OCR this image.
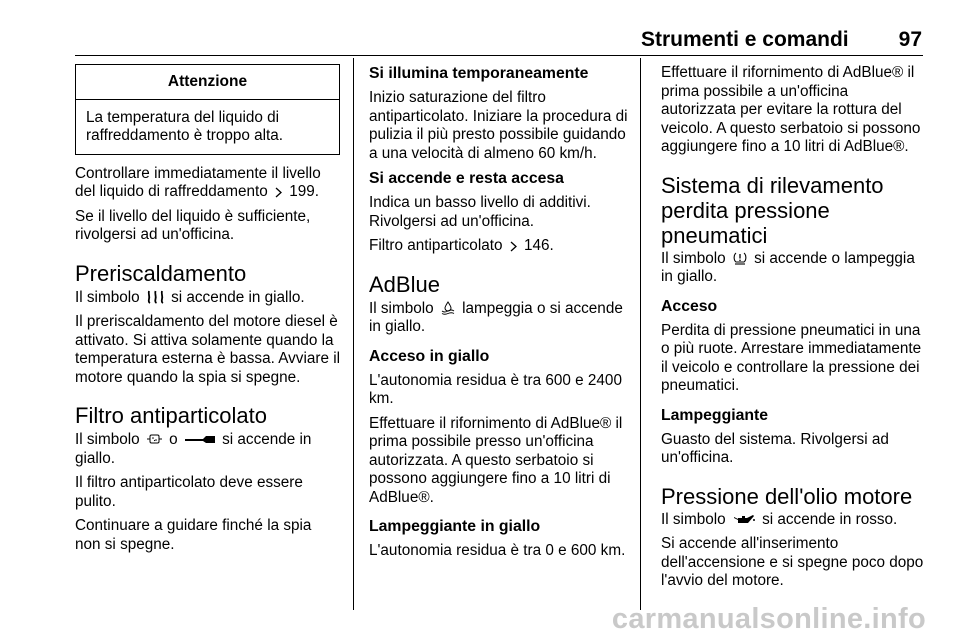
Strumenti e comandi 97
Attenzione
La temperatura del liquido di raffreddamento è troppo alta.

Controllare immediatamente il livello del liquido di raffreddamento
199.

Se il livello del liquido è sufficiente, rivolgersi ad un'officina.

Preriscaldamento

Il simbolo
si accende in giallo.

Il preriscaldamento del motore diesel è attivato. Si attiva solamente quando la temperatura esterna è bassa. Avviare il motore quando la spia si spegne.

Filtro antiparticolato

Il simbolo
o
si accende in giallo.

Il filtro antiparticolato deve essere pulito.

Continuare a guidare finché la spia non si spegne.

Si illumina temporaneamente

Inizio saturazione del filtro antiparticolato. Iniziare la procedura di pulizia il più presto possibile guidando a una velocità di almeno 60 km/h.

Si accende e resta accesa

Indica un basso livello di additivi. Rivolgersi ad un'officina.

Filtro antiparticolato
146.

AdBlue

Il simbolo
lampeggia o si accende in giallo.

Acceso in giallo

L'autonomia residua è tra 600 e 2400 km.

Effettuare il rifornimento di AdBlue® il prima possibile presso un'officina autorizzata. A questo serbatoio si possono aggiungere fino a 10 litri di AdBlue®.

Lampeggiante in giallo

L'autonomia residua è tra 0 e 600 km.

Effettuare il rifornimento di AdBlue® il prima possibile a un'officina autorizzata per evitare la rottura del veicolo. A questo serbatoio si possono aggiungere fino a 10 litri di AdBlue®.

Sistema di rilevamento perdita pressione pneumatici

Il simbolo
si accende o lampeggia in giallo.

Acceso

Perdita di pressione pneumatici in una o più ruote. Arrestare immediatamente il veicolo e controllare la pressione dei pneumatici.

Lampeggiante

Guasto del sistema. Rivolgersi ad un'officina.

Pressione dell'olio motore

Il simbolo
si accende in rosso.

Si accende all'inserimento dell'accensione e si spegne poco dopo l'avvio del motore.

carmanualsonline.info
